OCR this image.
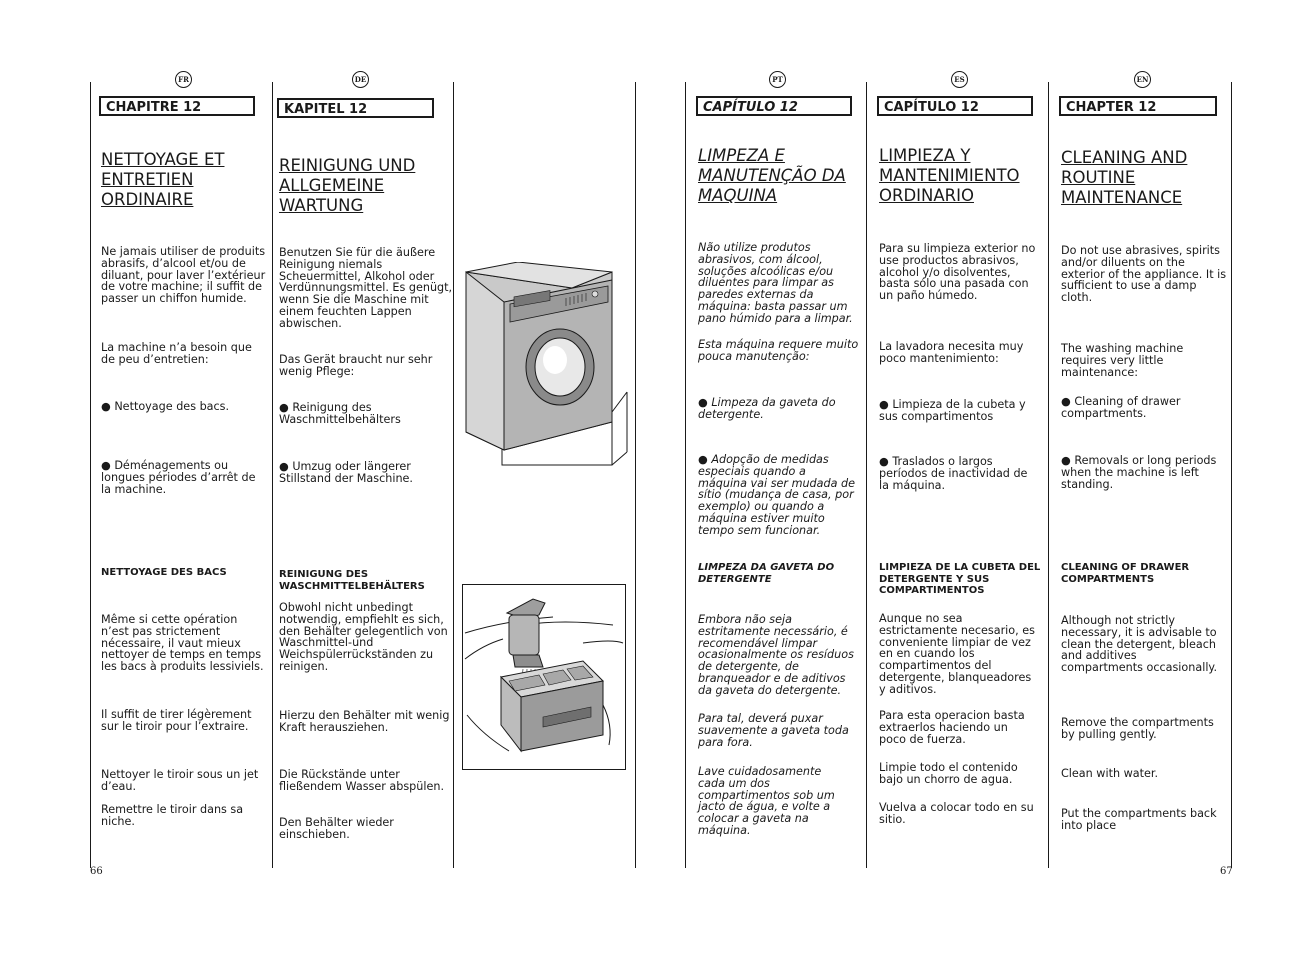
FR
CHAPITRE 12
NETTOYAGE ET
ENTRETIEN
ORDINAIRE
Ne jamais utiliser de produits
abrasifs, d’alcool et/ou de
diluant, pour laver l’extérieur
de votre machine; il suffit de
passer un chiffon humide.
La machine n’a besoin que
de peu d’entretien:
● Nettoyage des bacs.
● Déménagements ou
longues périodes d’arrêt de
la machine.
NETTOYAGE DES BACS
Même si cette opération
n’est pas strictement
nécessaire, il vaut mieux
nettoyer de temps en temps
les bacs à produits lessiviels.
Il suffit de tirer légèrement
sur le tiroir pour l’extraire.
Nettoyer le tiroir sous un jet
d’eau.
Remettre le tiroir dans sa
niche.
DE
KAPITEL 12
REINIGUNG UND
ALLGEMEINE
WARTUNG
Benutzen Sie für die äußere
Reinigung niemals
Scheuermittel, Alkohol oder
Verdünnungsmittel. Es genügt,
wenn Sie die Maschine mit
einem feuchten Lappen
abwischen.
Das Gerät braucht nur sehr
wenig Pflege:
● Reinigung des
Waschmittelbehälters
● Umzug oder längerer
Stillstand der Maschine.
REINIGUNG DES
WASCHMITTELBEHÄLTERS
Obwohl nicht unbedingt
notwendig, empfiehlt es sich,
den Behälter gelegentlich von
Waschmittel-und
Weichspülerrückständen zu
reinigen.
Hierzu den Behälter mit wenig
Kraft herausziehen.
Die Rückstände unter
fließendem Wasser abspülen.
Den Behälter wieder
einschieben.
PT
CAPÍTULO 12
LIMPEZA E
MANUTENÇÃO DA
MAQUINA
Não utilize produtos
abrasivos, com álcool,
soluções alcoólicas e/ou
diluentes para limpar as
paredes externas da
máquina: basta passar um
pano húmido para a limpar.
Esta máquina requere muito
pouca manutenção:
● Limpeza da gaveta do
detergente.
● Adopção de medidas
especiais quando a
máquina vai ser mudada de
sítio (mudança de casa, por
exemplo) ou quando a
máquina estiver muito
tempo sem funcionar.
LIMPEZA DA GAVETA DO
DETERGENTE
Embora não seja
estritamente necessário, é
recomendável limpar
ocasionalmente os resíduos
de detergente, de
branqueador e de aditivos
da gaveta do detergente.
Para tal, deverá puxar
suavemente a gaveta toda
para fora.
Lave cuidadosamente
cada um dos
compartimentos sob um
jacto de água, e volte a
colocar a gaveta na
máquina.
ES
CAPÍTULO 12
LIMPIEZA Y
MANTENIMIENTO
ORDINARIO
Para su limpieza exterior no
use productos abrasivos,
alcohol y/o disolventes,
basta sólo una pasada con
un paño húmedo.
La lavadora necesita muy
poco mantenimiento:
● Limpieza de la cubeta y
sus compartimentos
● Traslados o largos
períodos de inactividad de
la máquina.
LIMPIEZA DE LA CUBETA DEL
DETERGENTE Y SUS
COMPARTIMENTOS
Aunque no sea
estrictamente necesario, es
conveniente limpiar de vez
en en cuando los
compartimentos del
detergente, blanqueadores
y aditivos.
Para esta operacion basta
extraerlos haciendo un
poco de fuerza.
Limpie todo el contenido
bajo un chorro de agua.
Vuelva a colocar todo en su
sitio.
EN
CHAPTER 12
CLEANING AND
ROUTINE
MAINTENANCE
Do not use abrasives, spirits
and/or diluents on the
exterior of the appliance. It is
sufficient to use a damp
cloth.
The washing machine
requires very little
maintenance:
● Cleaning of drawer
compartments.
● Removals or long periods
when the machine is left
standing.
CLEANING OF DRAWER
COMPARTMENTS
Although not strictly
necessary, it is advisable to
clean the detergent, bleach
and additives
compartments occasionally.
Remove the compartments
by pulling gently.
Clean with water.
Put the compartments back
into place
66	67
